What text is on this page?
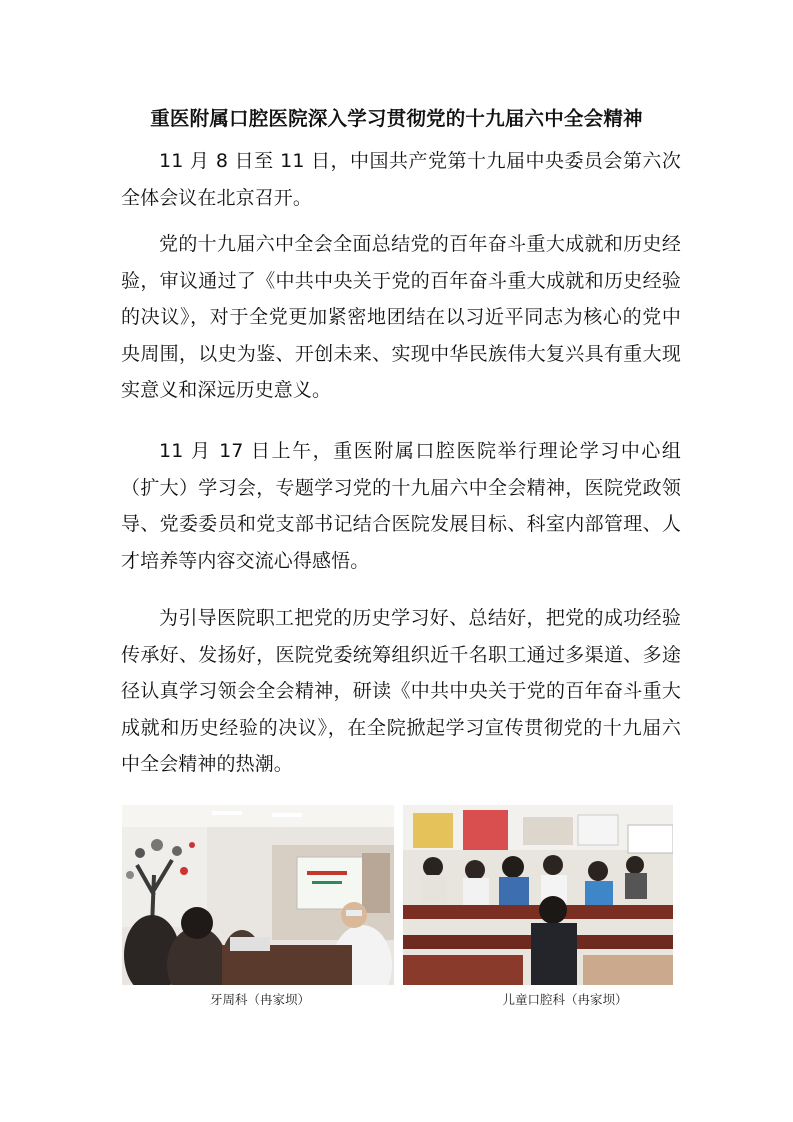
重医附属口腔医院深入学习贯彻党的十九届六中全会精神

11 月 8 日至 11 日，中国共产党第十九届中央委员会第六次全体会议在北京召开。

党的十九届六中全会全面总结党的百年奋斗重大成就和历史经验，审议通过了《中共中央关于党的百年奋斗重大成就和历史经验的决议》，对于全党更加紧密地团结在以习近平同志为核心的党中央周围，以史为鉴、开创未来、实现中华民族伟大复兴具有重大现实意义和深远历史意义。

11 月 17 日上午，重医附属口腔医院举行理论学习中心组（扩大）学习会，专题学习党的十九届六中全会精神，医院党政领导、党委委员和党支部书记结合医院发展目标、科室内部管理、人才培养等内容交流心得感悟。

为引导医院职工把党的历史学习好、总结好，把党的成功经验传承好、发扬好，医院党委统筹组织近千名职工通过多渠道、多途径认真学习领会全会精神，研读《中共中央关于党的百年奋斗重大成就和历史经验的决议》，在全院掀起学习宣传贯彻党的十九届六中全会精神的热潮。

牙周科（冉家坝）	儿童口腔科（冉家坝）
